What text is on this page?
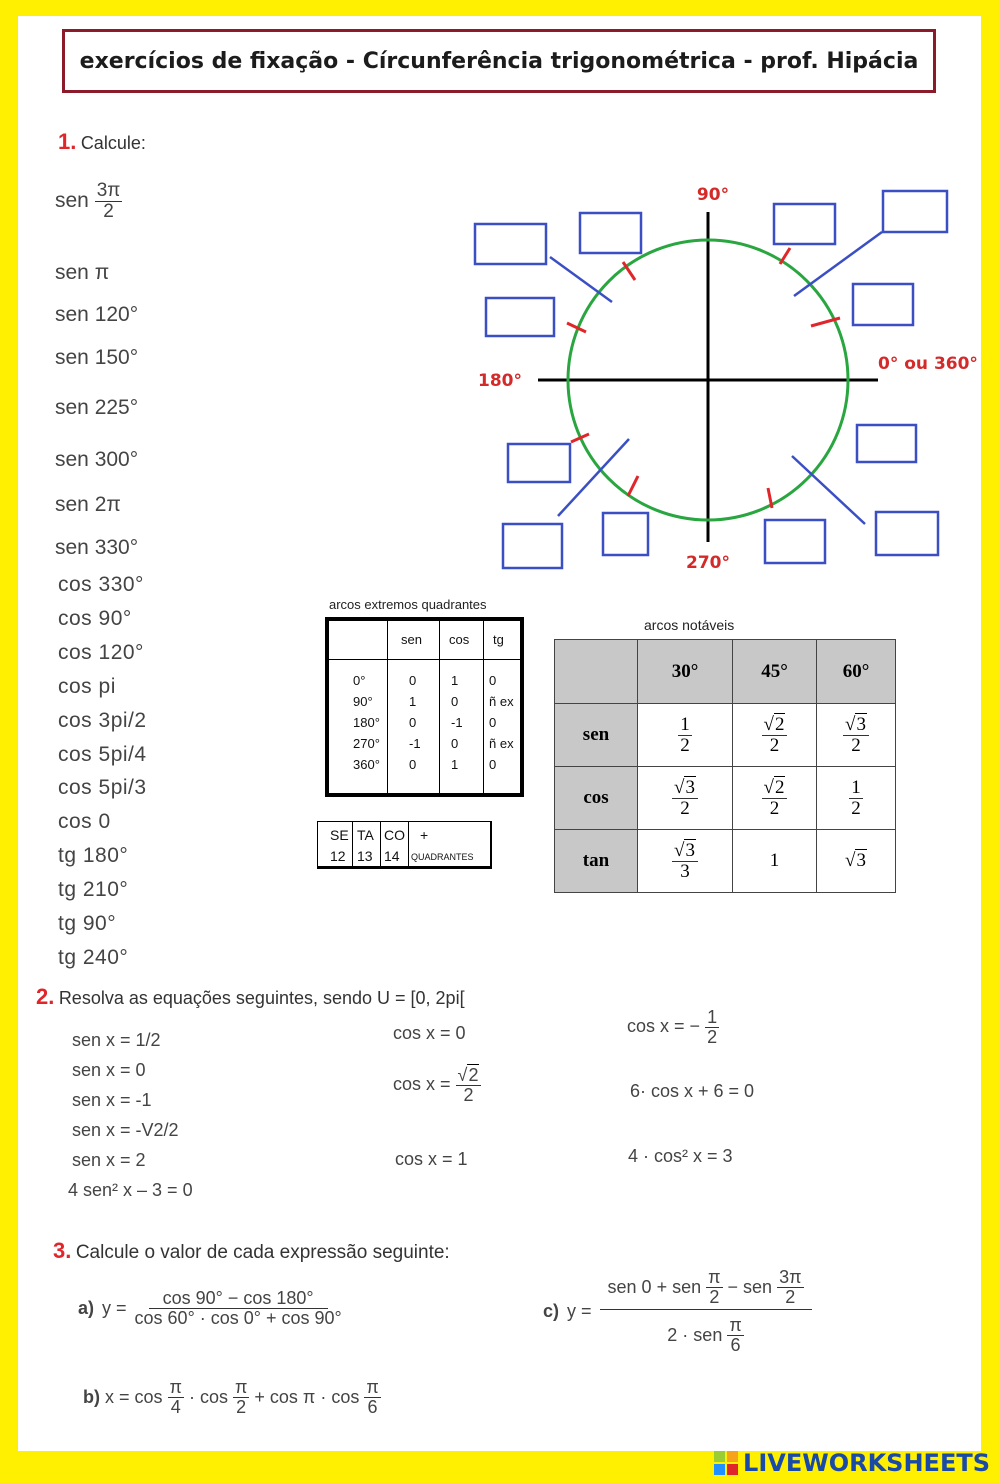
exercícios de fixação - Círcunferência trigonométrica - prof. Hipácia
1. Calcule:
sen $\frac{3\pi}{2}$
sen π
sen 120°
sen 150°
sen 225°
sen 300°
sen 2π
sen 330°
cos 330°
cos 90°
cos 120°
cos pi
cos 3pi/2
cos 5pi/4
cos 5pi/3
cos 0
tg 180°
tg 210°
tg 90°
tg 240°
90°
180°
270°
0° ou 360°
arcos extremos quadrantes
sen cos tg
0°	0	1 0
90°	1	0 ñ ex
180° 0	-1 0
270° -1 0 ñ ex
360° 0	1 0
SE TA CO +
12 13 14 QUADRANTES
arcos notáveis
	30°	45°	60°
sen	$\frac{1}{2}$	$\frac{√2}{2}$	$\frac{√3}{2}$

cos	$\frac{√3}{2}$	$\frac{√2}{2}$	$\frac{1}{2}$

tan	$\frac{√3}{3}$	1	√3
2. Resolva as equações seguintes, sendo U = [0, 2pi[
sen x = 1/2
sen x = 0
sen x = -1
sen x = -V2/2
sen x = 2
4 sen² x – 3 = 0
cos x = 0
$\cos x = \frac{√2}{2}$
cos x = 1
cos x = − $\frac{1}{2}$
6· cos x + 6 = 0
4 · cos² x = 3
3. Calcule o valor de cada expressão seguinte:
a) $y = \frac{\cos 90^\circ - \cos 180^\circ}{\cos 60^\circ \cdot \cos 0^\circ + \cos 90^\circ}$
b) $x = \cos \frac{\pi}{4} \cdot \cos \frac{\pi}{2} + \cos \pi \cdot \cos \frac{\pi}{6}$
c) $y = \frac{sen 0 + sen \frac{\pi}{2} - sen \frac{3\pi}{2}}{2 \cdot sen \frac{\pi}{6}}$
LIVEWORKSHEETS
